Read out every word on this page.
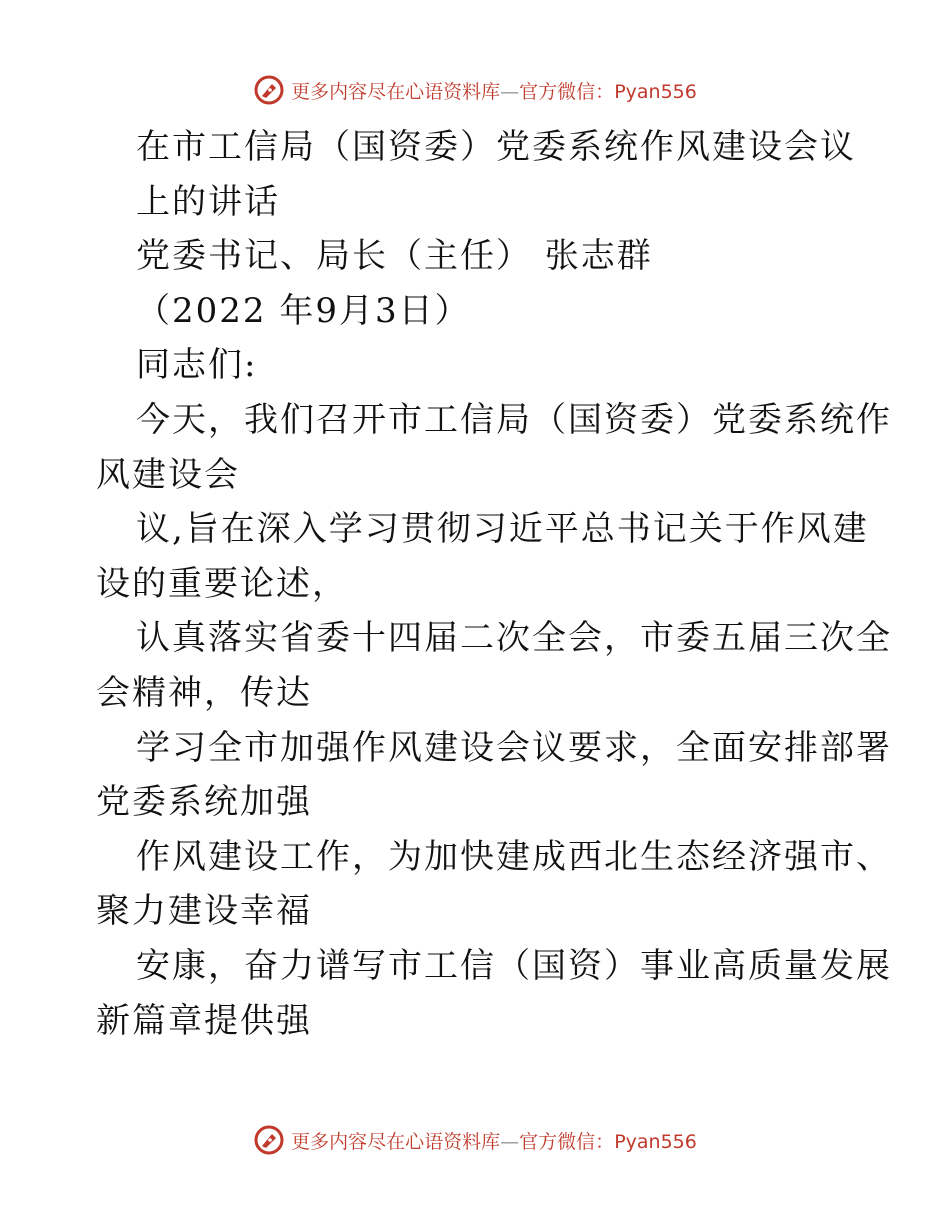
更多内容尽在心语资料库—官方微信：Pyan556
在市工信局（国资委）党委系统作风建设会议
上的讲话
党委书记、局长（主任） 张志群
（2022 年9月3日）
同志们:
今天，我们召开市工信局（国资委）党委系统作
风建设会
议,旨在深入学习贯彻习近平总书记关于作风建
设的重要论述，
认真落实省委十四届二次全会，市委五届三次全
会精神，传达
学习全市加强作风建设会议要求，全面安排部署
党委系统加强
作风建设工作，为加快建成西北生态经济强市、
聚力建设幸福
安康，奋力谱写市工信（国资）事业高质量发展
新篇章提供强
更多内容尽在心语资料库—官方微信：Pyan556
